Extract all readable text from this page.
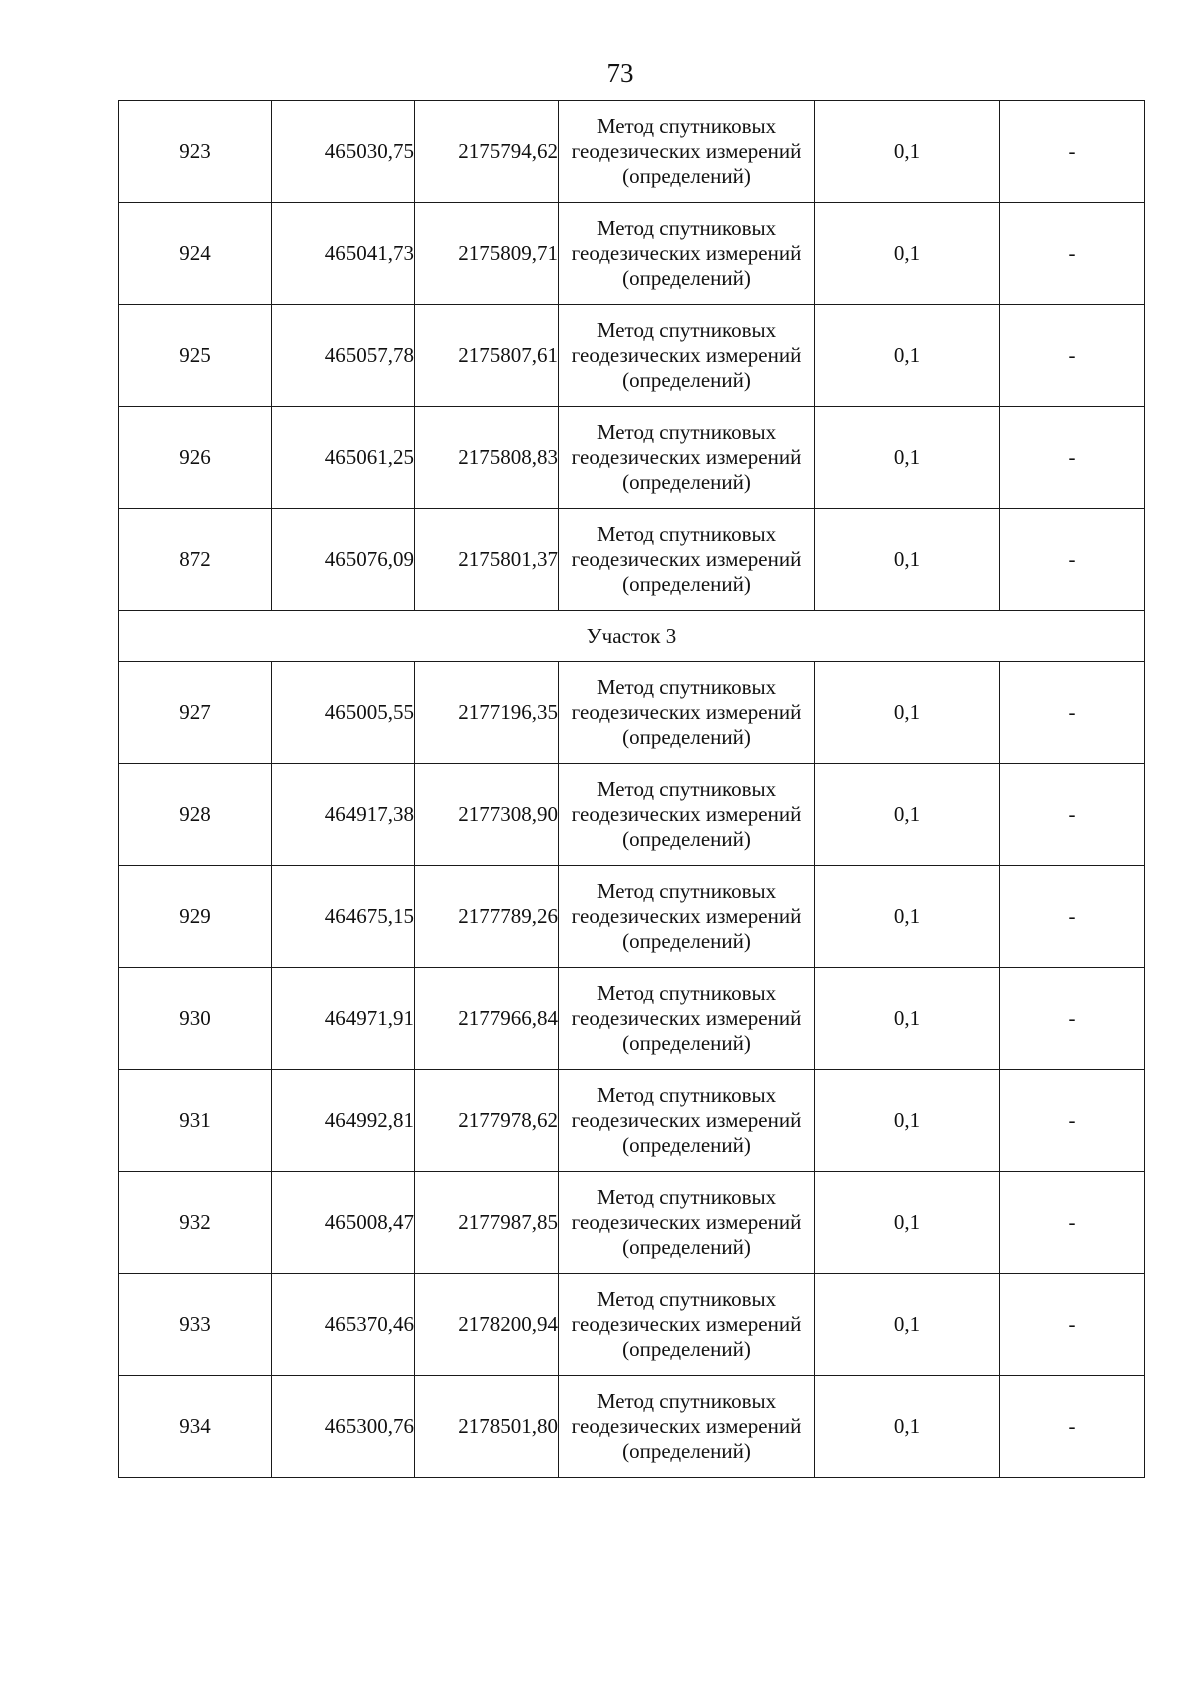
73
923	465030,75	2175794,62	Метод спутниковых
геодезических измерений
(определений)	0,1	-
924	465041,73	2175809,71	Метод спутниковых
геодезических измерений
(определений)	0,1	-
925	465057,78	2175807,61	Метод спутниковых
геодезических измерений
(определений)	0,1	-
926	465061,25	2175808,83	Метод спутниковых
геодезических измерений
(определений)	0,1	-
872	465076,09	2175801,37	Метод спутниковых
геодезических измерений
(определений)	0,1	-
Участок 3					
927	465005,55	2177196,35	Метод спутниковых
геодезических измерений
(определений)	0,1	-
928	464917,38	2177308,90	Метод спутниковых
геодезических измерений
(определений)	0,1	-
929	464675,15	2177789,26	Метод спутниковых
геодезических измерений
(определений)	0,1	-
930	464971,91	2177966,84	Метод спутниковых
геодезических измерений
(определений)	0,1	-
931	464992,81	2177978,62	Метод спутниковых
геодезических измерений
(определений)	0,1	-
932	465008,47	2177987,85	Метод спутниковых
геодезических измерений
(определений)	0,1	-
933	465370,46	2178200,94	Метод спутниковых
геодезических измерений
(определений)	0,1	-
934	465300,76	2178501,80	Метод спутниковых
геодезических измерений
(определений)	0,1	-
